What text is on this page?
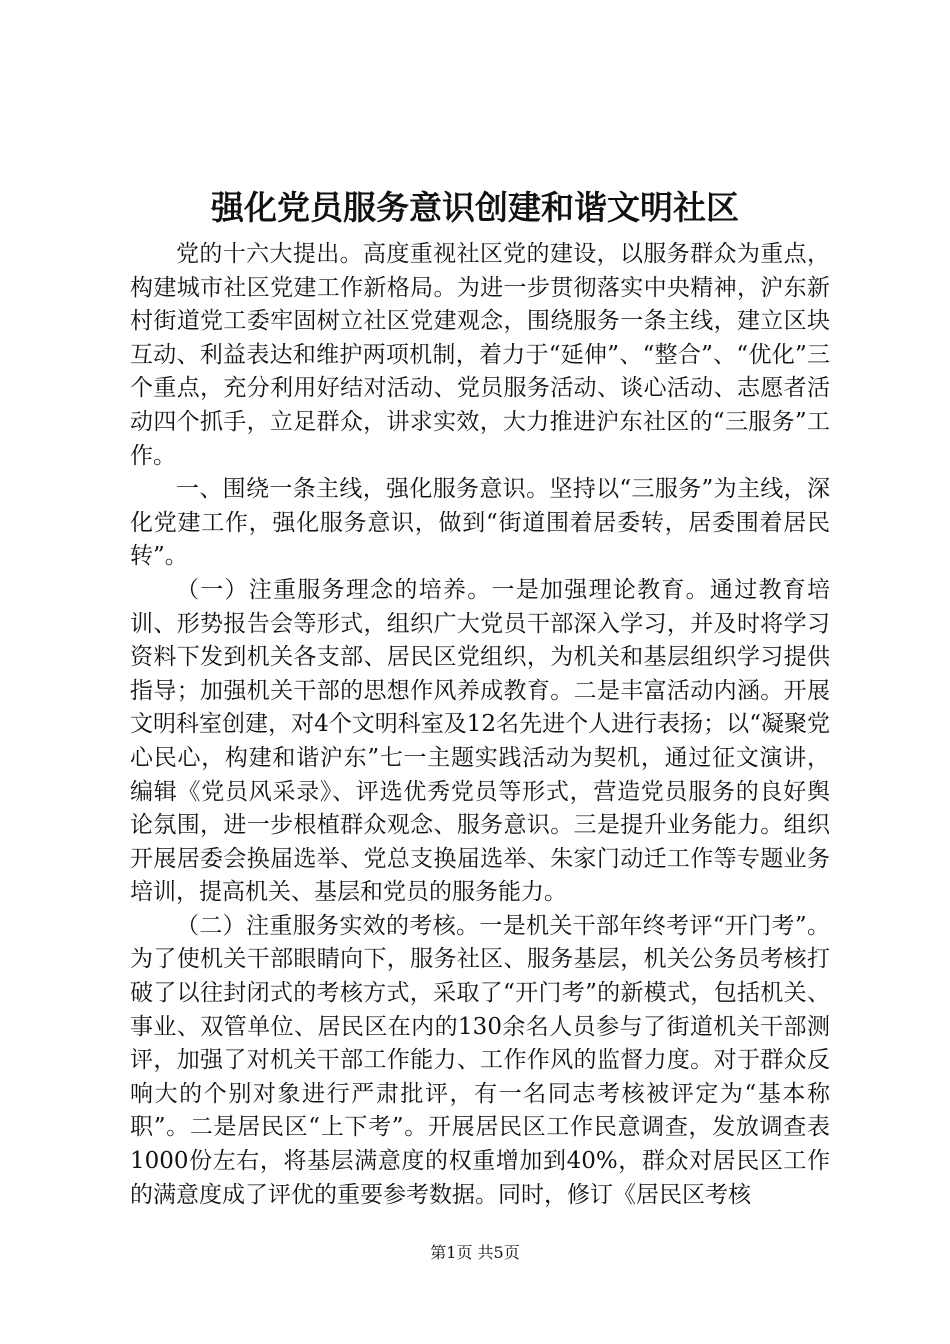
强化党员服务意识创建和谐文明社区

党的十六大提出。高度重视社区党的建设，以服务群众为重点，构建城市社区党建工作新格局。为进一步贯彻落实中央精神，沪东新村街道党工委牢固树立社区党建观念，围绕服务一条主线，建立区块互动、利益表达和维护两项机制，着力于“延伸”、“整合”、“优化”三个重点，充分利用好结对活动、党员服务活动、谈心活动、志愿者活动四个抓手，立足群众，讲求实效，大力推进沪东社区的“三服务”工作。

一、围绕一条主线，强化服务意识。坚持以“三服务”为主线，深化党建工作，强化服务意识，做到“街道围着居委转，居委围着居民转”。

（一）注重服务理念的培养。一是加强理论教育。通过教育培训、形势报告会等形式，组织广大党员干部深入学习，并及时将学习资料下发到机关各支部、居民区党组织，为机关和基层组织学习提供指导；加强机关干部的思想作风养成教育。二是丰富活动内涵。开展文明科室创建，对4个文明科室及12名先进个人进行表扬；以“凝聚党心民心，构建和谐沪东”七一主题实践活动为契机，通过征文演讲，编辑《党员风采录》、评选优秀党员等形式，营造党员服务的良好舆论氛围，进一步根植群众观念、服务意识。三是提升业务能力。组织开展居委会换届选举、党总支换届选举、朱家门动迁工作等专题业务培训，提高机关、基层和党员的服务能力。

（二）注重服务实效的考核。一是机关干部年终考评“开门考”。为了使机关干部眼睛向下，服务社区、服务基层，机关公务员考核打破了以往封闭式的考核方式，采取了“开门考”的新模式，包括机关、事业、双管单位、居民区在内的130余名人员参与了街道机关干部测评，加强了对机关干部工作能力、工作作风的监督力度。对于群众反响大的个别对象进行严肃批评，有一名同志考核被评定为“基本称职”。二是居民区“上下考”。开展居民区工作民意调查，发放调查表1000份左右，将基层满意度的权重增加到40%，群众对居民区工作的满意度成了评优的重要参考数据。同时，修订《居民区考核

第1页 共5页
